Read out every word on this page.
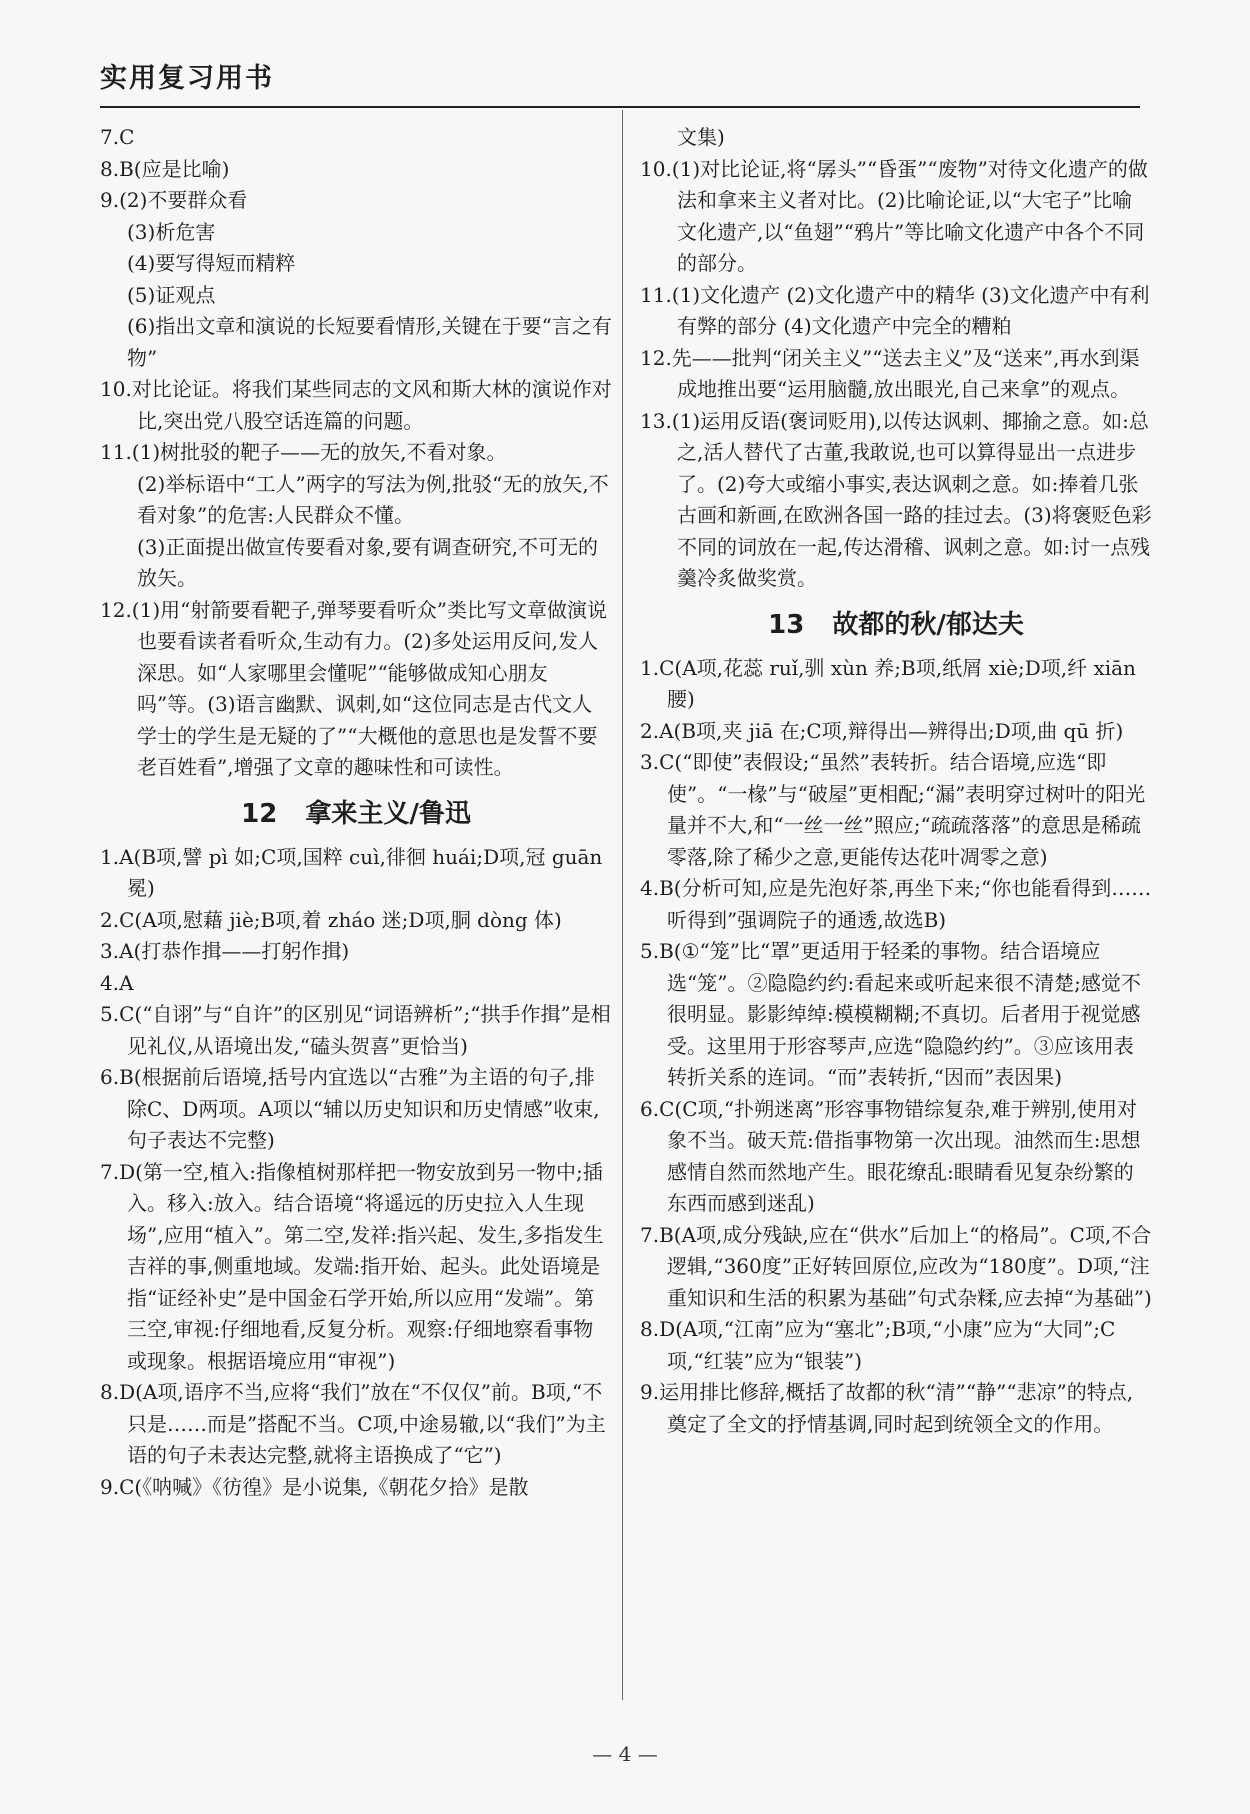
实用复习用书
7.C
8.B(应是比喻)
9.(2)不要群众看
(3)析危害
(4)要写得短而精粹
(5)证观点
(6)指出文章和演说的长短要看情形,关键在于要“言之有物”
10.对比论证。将我们某些同志的文风和斯大林的演说作对比,突出党八股空话连篇的问题。
11.(1)树批驳的靶子——无的放矢,不看对象。
(2)举标语中“工人”两字的写法为例,批驳“无的放矢,不看对象”的危害:人民群众不懂。
(3)正面提出做宣传要看对象,要有调查研究,不可无的放矢。
12.(1)用“射箭要看靶子,弹琴要看听众”类比写文章做演说也要看读者看听众,生动有力。(2)多处运用反问,发人深思。如“人家哪里会懂呢”“能够做成知心朋友吗”等。(3)语言幽默、讽刺,如“这位同志是古代文人学士的学生是无疑的了”“大概他的意思也是发誓不要老百姓看”,增强了文章的趣味性和可读性。
12 拿来主义/鲁迅
1.A(B项,譬 pì 如;C项,国粹 cuì,徘徊 huái;D项,冠 guān 冕)
2.C(A项,慰藉 jiè;B项,着 zháo 迷;D项,胴 dòng 体)
3.A(打恭作揖——打躬作揖)
4.A
5.C(“自诩”与“自许”的区别见“词语辨析”;“拱手作揖”是相见礼仪,从语境出发,“磕头贺喜”更恰当)
6.B(根据前后语境,括号内宜选以“古雅”为主语的句子,排除C、D两项。A项以“辅以历史知识和历史情感”收束,句子表达不完整)
7.D(第一空,植入:指像植树那样把一物安放到另一物中;插入。移入:放入。结合语境“将遥远的历史拉入人生现场”,应用“植入”。第二空,发祥:指兴起、发生,多指发生吉祥的事,侧重地域。发端:指开始、起头。此处语境是指“证经补史”是中国金石学开始,所以应用“发端”。第三空,审视:仔细地看,反复分析。观察:仔细地察看事物或现象。根据语境应用“审视”)
8.D(A项,语序不当,应将“我们”放在“不仅仅”前。B项,“不只是……而是”搭配不当。C项,中途易辙,以“我们”为主语的句子未表达完整,就将主语换成了“它”)
9.C(《呐喊》《彷徨》是小说集,《朝花夕拾》是散
文集)
10.(1)对比论证,将“孱头”“昏蛋”“废物”对待文化遗产的做法和拿来主义者对比。(2)比喻论证,以“大宅子”比喻文化遗产,以“鱼翅”“鸦片”等比喻文化遗产中各个不同的部分。
11.(1)文化遗产 (2)文化遗产中的精华 (3)文化遗产中有利有弊的部分 (4)文化遗产中完全的糟粕
12.先——批判“闭关主义”“送去主义”及“送来”,再水到渠成地推出要“运用脑髓,放出眼光,自己来拿”的观点。
13.(1)运用反语(褒词贬用),以传达讽刺、揶揄之意。如:总之,活人替代了古董,我敢说,也可以算得显出一点进步了。(2)夸大或缩小事实,表达讽刺之意。如:捧着几张古画和新画,在欧洲各国一路的挂过去。(3)将褒贬色彩不同的词放在一起,传达滑稽、讽刺之意。如:讨一点残羹冷炙做奖赏。
13 故都的秋/郁达夫
1.C(A项,花蕊 ruǐ,驯 xùn 养;B项,纸屑 xiè;D项,纤 xiān 腰)
2.A(B项,夹 jiā 在;C项,辩得出—辨得出;D项,曲 qū 折)
3.C(“即使”表假设;“虽然”表转折。结合语境,应选“即使”。“一椽”与“破屋”更相配;“漏”表明穿过树叶的阳光量并不大,和“一丝一丝”照应;“疏疏落落”的意思是稀疏零落,除了稀少之意,更能传达花叶凋零之意)
4.B(分析可知,应是先泡好茶,再坐下来;“你也能看得到……听得到”强调院子的通透,故选B)
5.B(①“笼”比“罩”更适用于轻柔的事物。结合语境应选“笼”。②隐隐约约:看起来或听起来很不清楚;感觉不很明显。影影绰绰:模模糊糊;不真切。后者用于视觉感受。这里用于形容琴声,应选“隐隐约约”。③应该用表转折关系的连词。“而”表转折,“因而”表因果)
6.C(C项,“扑朔迷离”形容事物错综复杂,难于辨别,使用对象不当。破天荒:借指事物第一次出现。油然而生:思想感情自然而然地产生。眼花缭乱:眼睛看见复杂纷繁的东西而感到迷乱)
7.B(A项,成分残缺,应在“供水”后加上“的格局”。C项,不合逻辑,“360度”正好转回原位,应改为“180度”。D项,“注重知识和生活的积累为基础”句式杂糅,应去掉“为基础”)
8.D(A项,“江南”应为“塞北”;B项,“小康”应为“大同”;C项,“红装”应为“银装”)
9.运用排比修辞,概括了故都的秋“清”“静”“悲凉”的特点,奠定了全文的抒情基调,同时起到统领全文的作用。
— 4 —
